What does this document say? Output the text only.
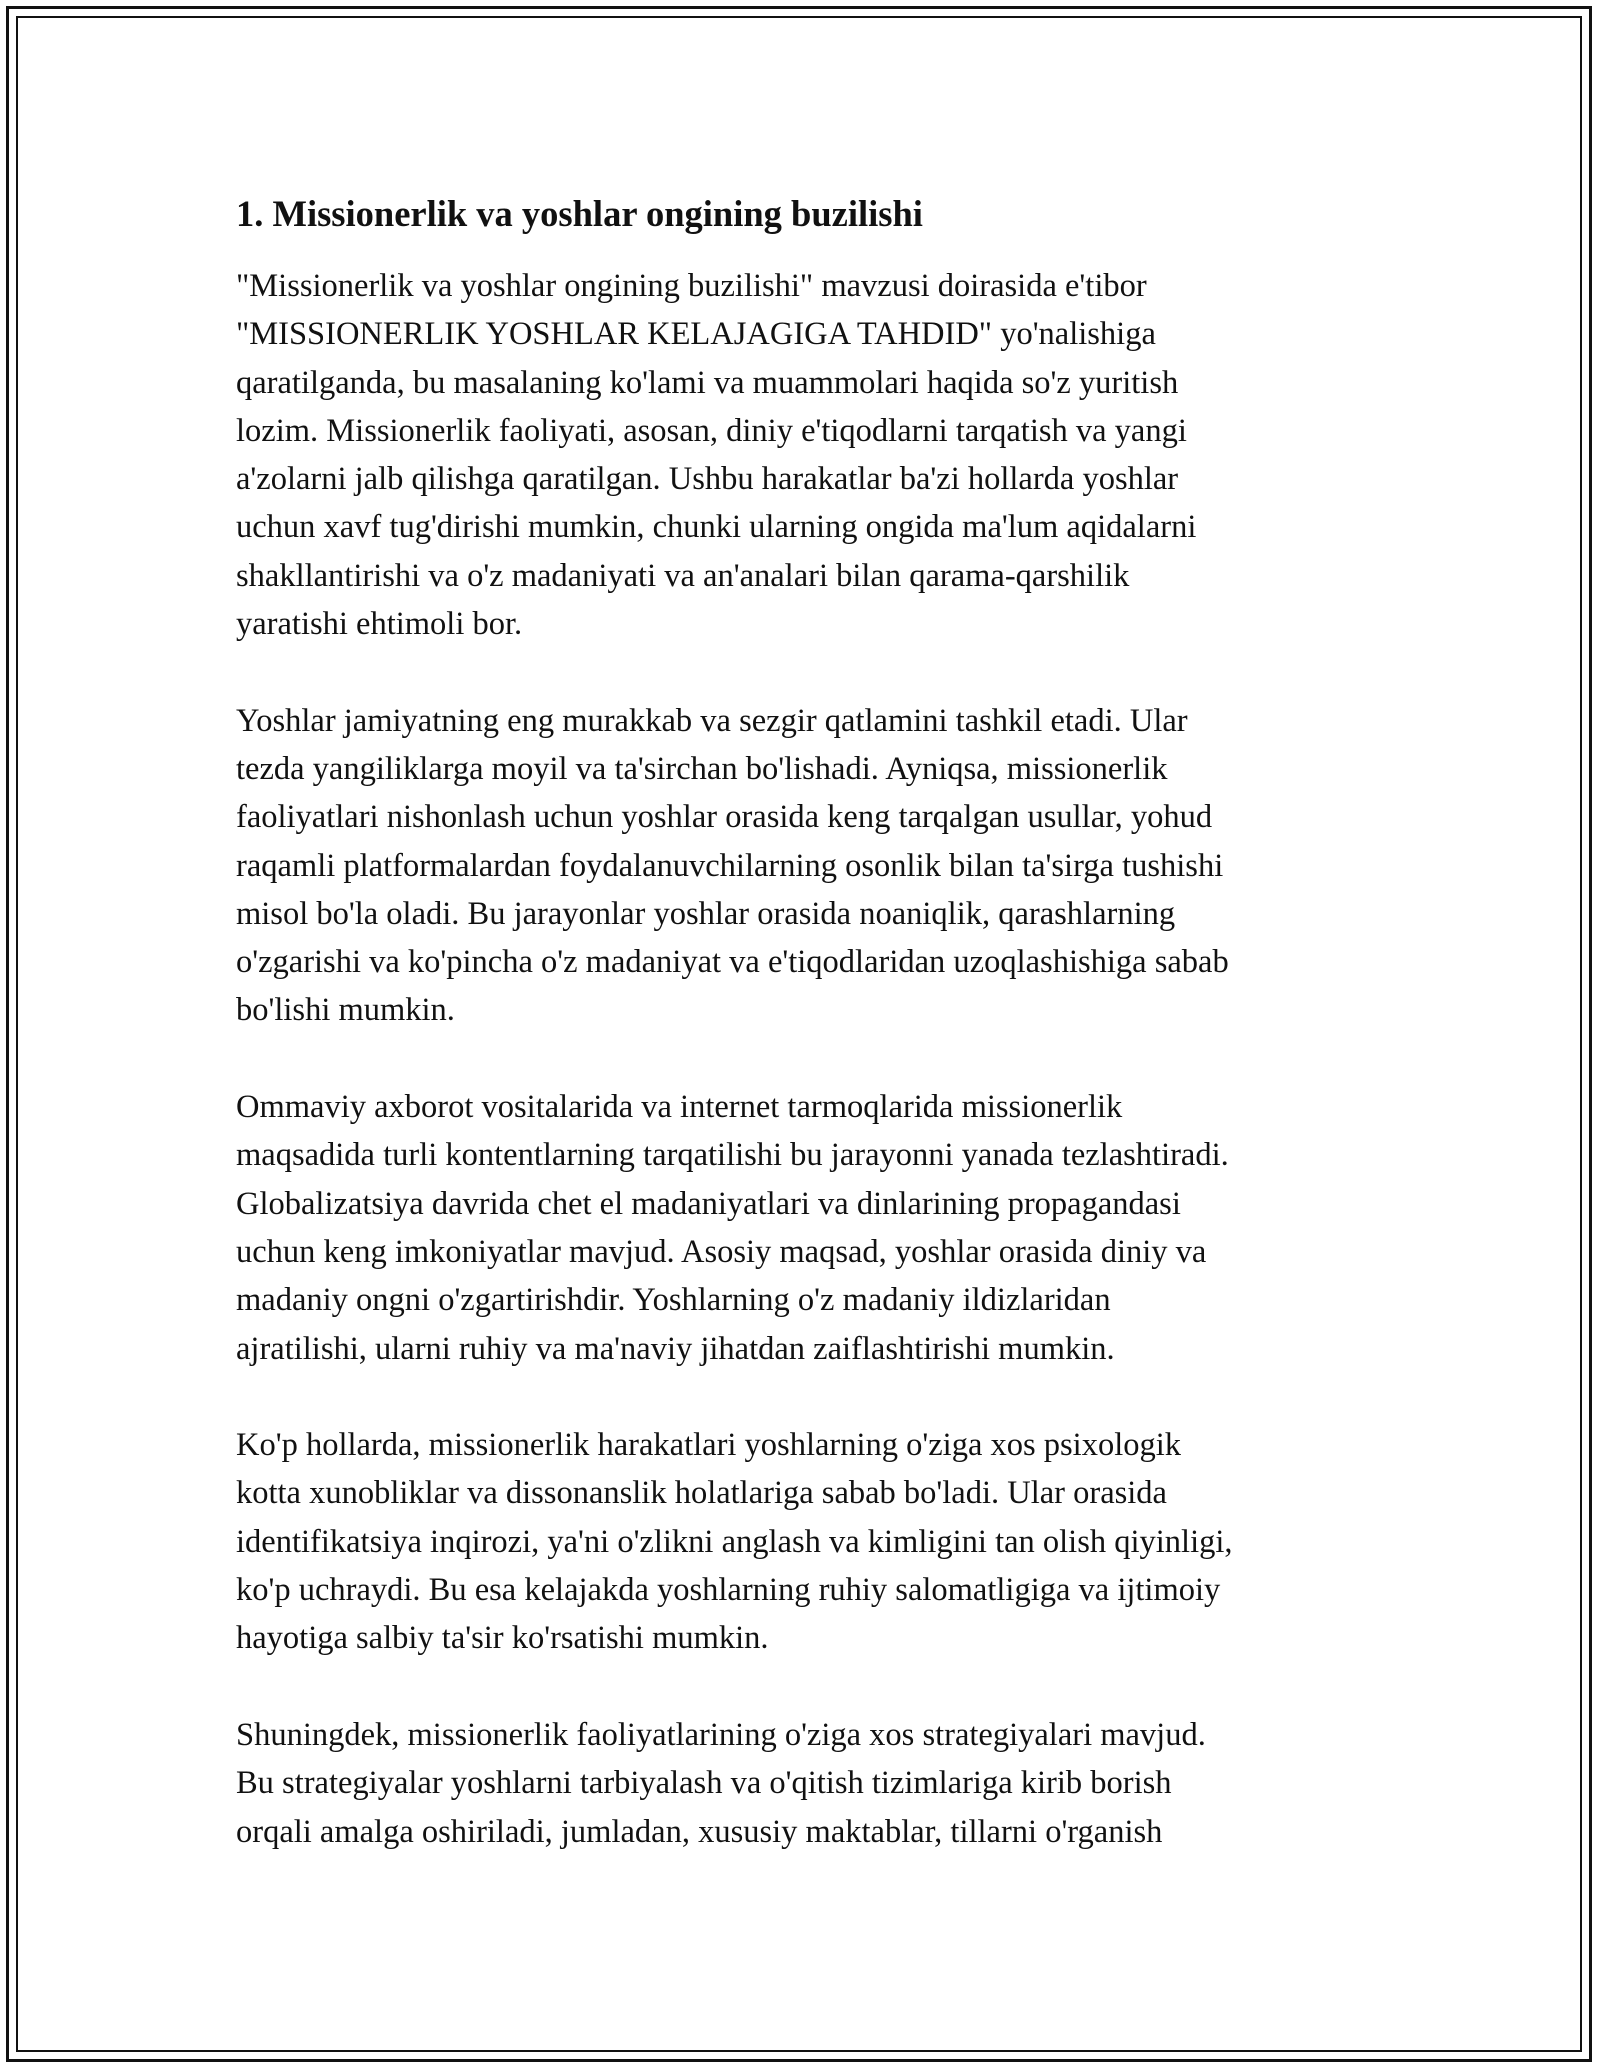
1. Missionerlik va yoshlar ongining buzilishi
"Missionerlik va yoshlar ongining buzilishi" mavzusi doirasida e'tibor
"MISSIONERLIK YOSHLAR KELAJAGIGA TAHDID" yo'nalishiga
qaratilganda, bu masalaning ko'lami va muammolari haqida so'z yuritish
lozim. Missionerlik faoliyati, asosan, diniy e'tiqodlarni tarqatish va yangi
a'zolarni jalb qilishga qaratilgan. Ushbu harakatlar ba'zi hollarda yoshlar
uchun xavf tug'dirishi mumkin, chunki ularning ongida ma'lum aqidalarni
shakllantirishi va o'z madaniyati va an'analari bilan qarama-qarshilik
yaratishi ehtimoli bor.
Yoshlar jamiyatning eng murakkab va sezgir qatlamini tashkil etadi. Ular
tezda yangiliklarga moyil va ta'sirchan bo'lishadi. Ayniqsa, missionerlik
faoliyatlari nishonlash uchun yoshlar orasida keng tarqalgan usullar, yohud
raqamli platformalardan foydalanuvchilarning osonlik bilan ta'sirga tushishi
misol bo'la oladi. Bu jarayonlar yoshlar orasida noaniqlik, qarashlarning
o'zgarishi va ko'pincha o'z madaniyat va e'tiqodlaridan uzoqlashishiga sabab
bo'lishi mumkin.
Ommaviy axborot vositalarida va internet tarmoqlarida missionerlik
maqsadida turli kontentlarning tarqatilishi bu jarayonni yanada tezlashtiradi.
Globalizatsiya davrida chet el madaniyatlari va dinlarining propagandasi
uchun keng imkoniyatlar mavjud. Asosiy maqsad, yoshlar orasida diniy va
madaniy ongni o'zgartirishdir. Yoshlarning o'z madaniy ildizlaridan
ajratilishi, ularni ruhiy va ma'naviy jihatdan zaiflashtirishi mumkin.
Ko'p hollarda, missionerlik harakatlari yoshlarning o'ziga xos psixologik
kotta xunobliklar va dissonanslik holatlariga sabab bo'ladi. Ular orasida
identifikatsiya inqirozi, ya'ni o'zlikni anglash va kimligini tan olish qiyinligi,
ko'p uchraydi. Bu esa kelajakda yoshlarning ruhiy salomatligiga va ijtimoiy
hayotiga salbiy ta'sir ko'rsatishi mumkin.
Shuningdek, missionerlik faoliyatlarining o'ziga xos strategiyalari mavjud.
Bu strategiyalar yoshlarni tarbiyalash va o'qitish tizimlariga kirib borish
orqali amalga oshiriladi, jumladan, xususiy maktablar, tillarni o'rganish
